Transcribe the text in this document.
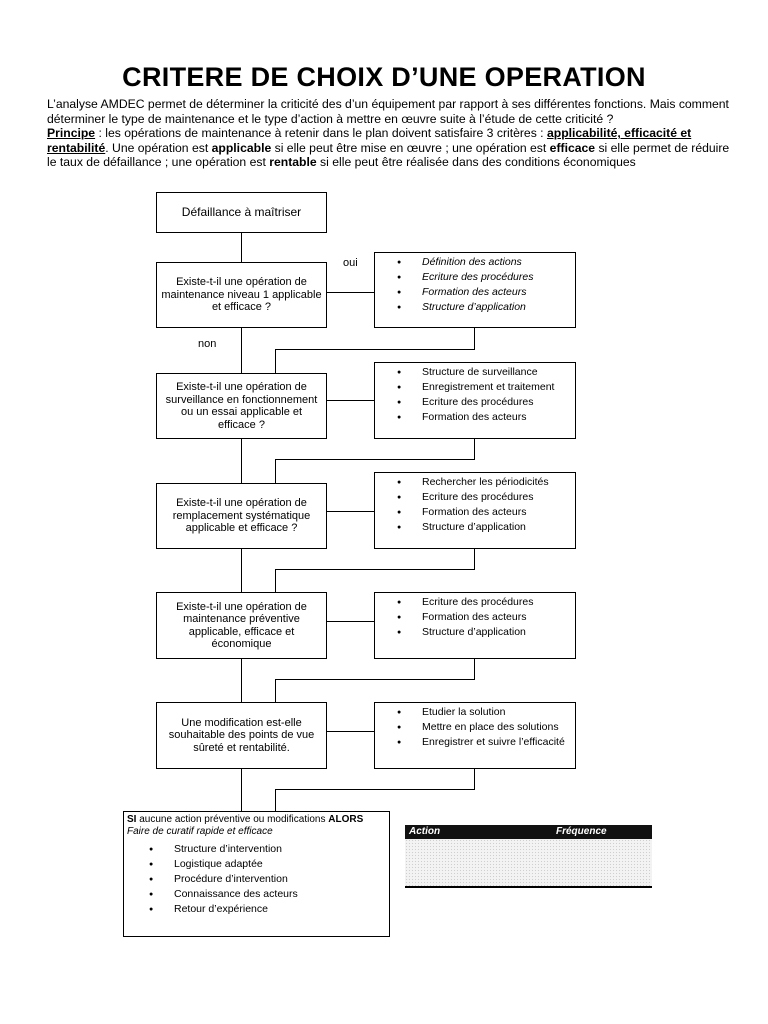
CRITERE DE CHOIX D’UNE OPERATION

L’analyse AMDEC permet de déterminer la criticité des d’un équipement par rapport à ses différentes fonctions. Mais comment déterminer le type de maintenance et le type d’action à mettre en œuvre suite à l’étude de cette criticité ?

Principe : les opérations de maintenance à retenir dans le plan doivent satisfaire 3 critères : applicabilité, efficacité et rentabilité. Une opération est applicable si elle peut être mise en œuvre ; une opération est efficace si elle permet de réduire le taux de défaillance ; une opération est rentable si elle peut être réalisée dans des conditions économiques

oui
non
Défaillance à maîtriser
Existe-t-il une opération de maintenance niveau 1 applicable et efficace ?
Existe-t-il une opération de surveillance en fonctionnement ou un essai applicable et efficace ?
Existe-t-il une opération de remplacement systématique applicable et efficace ?
Existe-t-il une opération de maintenance préventive applicable, efficace et économique
Une modification est-elle souhaitable des points de vue sûreté et rentabilité.
● Définition des actions
● Ecriture des procédures
● Formation des acteurs
● Structure d’application
● Structure de surveillance
● Enregistrement et traitement
● Ecriture des procédures
● Formation des acteurs
● Rechercher les périodicités
● Ecriture des procédures
● Formation des acteurs
● Structure d’application
● Ecriture des procédures
● Formation des acteurs
● Structure d’application
● Etudier la solution
● Mettre en place des solutions
● Enregistrer et suivre l’efficacité
SI aucune action préventive ou modifications ALORS
Faire de curatif rapide et efficace
● Structure d’intervention
● Logistique adaptée
● Procédure d’intervention
● Connaissance des acteurs
● Retour d’expérience
Action	Fréquence
